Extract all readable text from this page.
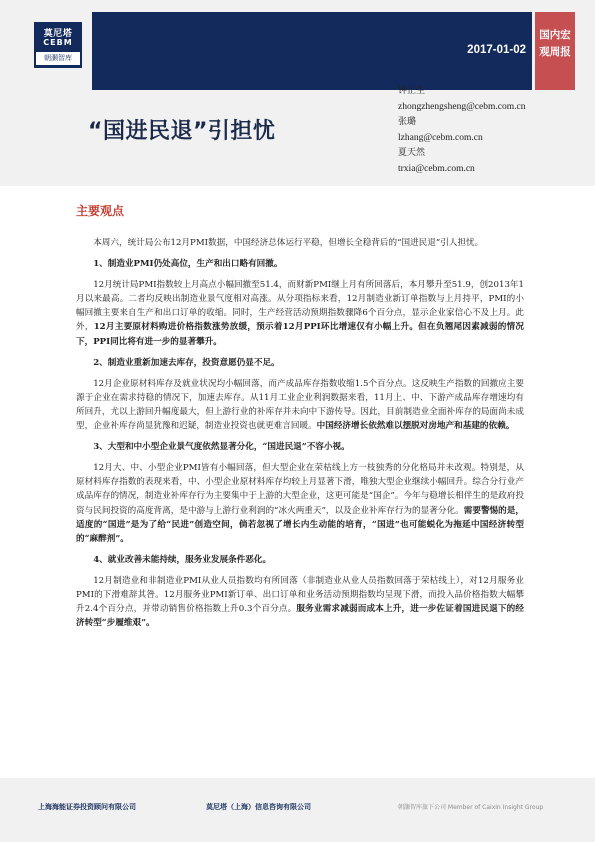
莫尼塔
CEBM
朝灏智库
2017-01-02
国内宏
观周报
“国进民退”引担忧
钟正生
zhongzhengsheng@cebm.com.cn
张璐
lzhang@cebm.com.cn
夏天然
trxia@cebm.com.cn
主要观点

本周六，统计局公布12月PMI数据，中国经济总体运行平稳，但增长全稳背后的“国进民退”引人担忧。

1、制造业PMI仍处高位，生产和出口略有回撤。

12月统计局PMI指数较上月高点小幅回撤至51.4，而财新PMI继上月有所回落后，本月攀升至51.9，创2013年1月以来最高。二者均反映出制造业景气度相对高涨。从分项指标来看，12月制造业新订单指数与上月持平，PMI的小幅回撤主要来自生产和出口订单的收缩。同时，生产经营活动预期指数骤降6个百分点，显示企业家信心不及上月。此外，12月主要原材料购进价格指数涨势放缓，预示着12月PPI环比增速仅有小幅上升。但在负翘尾因素减弱的情况下，PPI同比将有进一步的显著攀升。

2、制造业重新加速去库存，投资意愿仍显不足。

12月企业原材料库存及就业状况均小幅回落，而产成品库存指数收缩1.5个百分点。这反映生产指数的回撤应主要源于企业在需求持稳的情况下，加速去库存。从11月工业企业利润数据来看，11月上、中、下游产成品库存增速均有所回升，尤以上游回升幅度最大，但上游行业的补库存并未向中下游传导。因此，目前制造业全面补库存的局面尚未成型，企业补库存尚显犹豫和迟疑，制造业投资也就更难言回暖。中国经济增长依然难以摆脱对房地产和基建的依赖。

3、大型和中小型企业景气度依然显著分化，“国进民退”不容小视。

12月大、中、小型企业PMI皆有小幅回落，但大型企业在荣枯线上方一枝独秀的分化格局并未改观。特别是，从原材料库存指数的表现来看，中、小型企业原材料库存均较上月显著下滑，唯独大型企业继续小幅回升。综合分行业产成品库存的情况，制造业补库存行为主要集中于上游的大型企业，这更可能是“国企”。今年与稳增长相伴生的是政府投资与民间投资的高度背离，是中游与上游行业利润的“冰火两重天”，以及企业补库存行为的显著分化。需要警惕的是，适度的“国进”是为了给“民进”创造空间，倘若忽视了增长内生动能的培育，“国进”也可能蜕化为拖延中国经济转型的“麻醉剂”。

4、就业改善未能持续，服务业发展条件恶化。

12月制造业和非制造业PMI从业人员指数均有所回落（非制造业从业人员指数回落于荣枯线上），对12月服务业PMI的下滑难辞其咎。12月服务业PMI新订单、出口订单和业务活动预期指数均呈现下滑，而投入品价格指数大幅攀升2.4个百分点，并带动销售价格指数上升0.3个百分点。服务业需求减弱而成本上升，进一步佐证着国进民退下的经济转型“步履维艰”。

上海海能证券投资顾问有限公司	莫尼塔（上海）信息咨询有限公司	朝灏智库旗下公司 Member of Caixin Insight Group
